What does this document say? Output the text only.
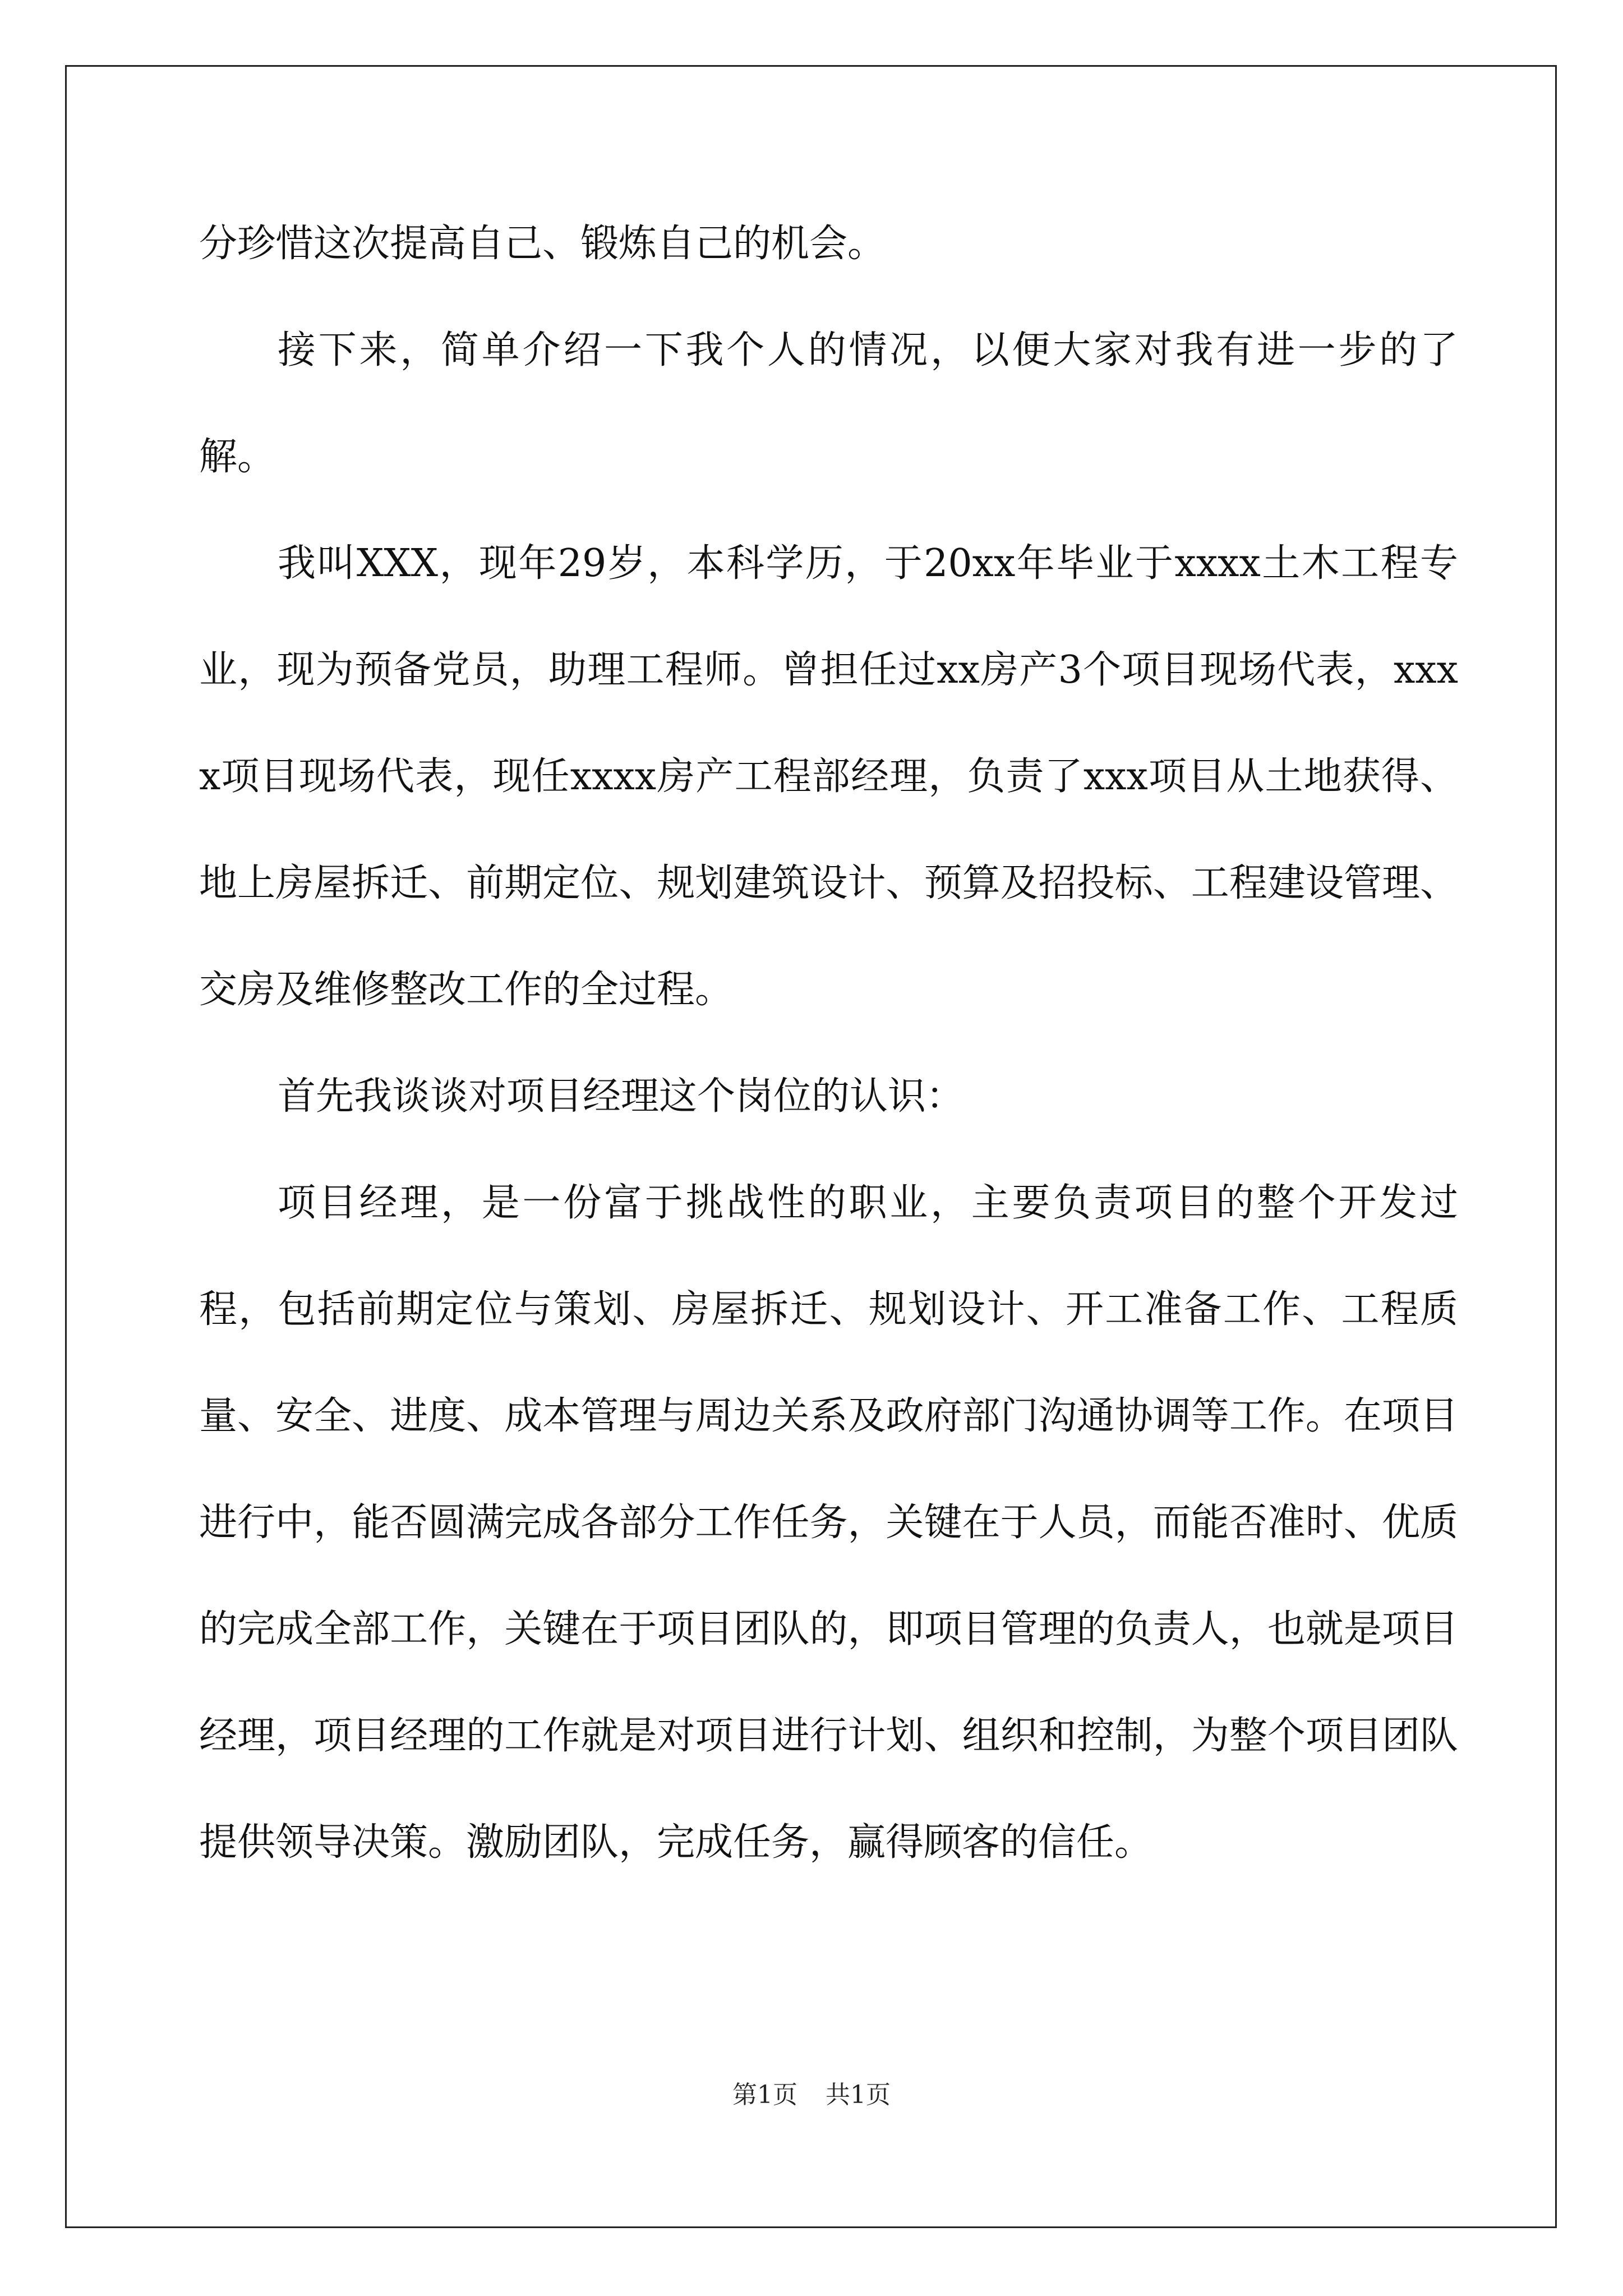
分珍惜这次提高自己、锻炼自己的机会。

接下来，简单介绍一下我个人的情况，以便大家对我有进一步的了解。

我叫XXX，现年29岁，本科学历，于20xx年毕业于xxxx土木工程专业，现为预备党员，助理工程师。曾担任过xx房产3个项目现场代表，xxxx项目现场代表，现任xxxx房产工程部经理，负责了xxx项目从土地获得、地上房屋拆迁、前期定位、规划建筑设计、预算及招投标、工程建设管理、交房及维修整改工作的全过程。

首先我谈谈对项目经理这个岗位的认识：

项目经理，是一份富于挑战性的职业，主要负责项目的整个开发过程，包括前期定位与策划、房屋拆迁、规划设计、开工准备工作、工程质量、安全、进度、成本管理与周边关系及政府部门沟通协调等工作。在项目进行中，能否圆满完成各部分工作任务，关键在于人员，而能否准时、优质的完成全部工作，关键在于项目团队的，即项目管理的负责人，也就是项目经理，项目经理的工作就是对项目进行计划、组织和控制，为整个项目团队提供领导决策。激励团队，完成任务，赢得顾客的信任。

第1页 共1页
